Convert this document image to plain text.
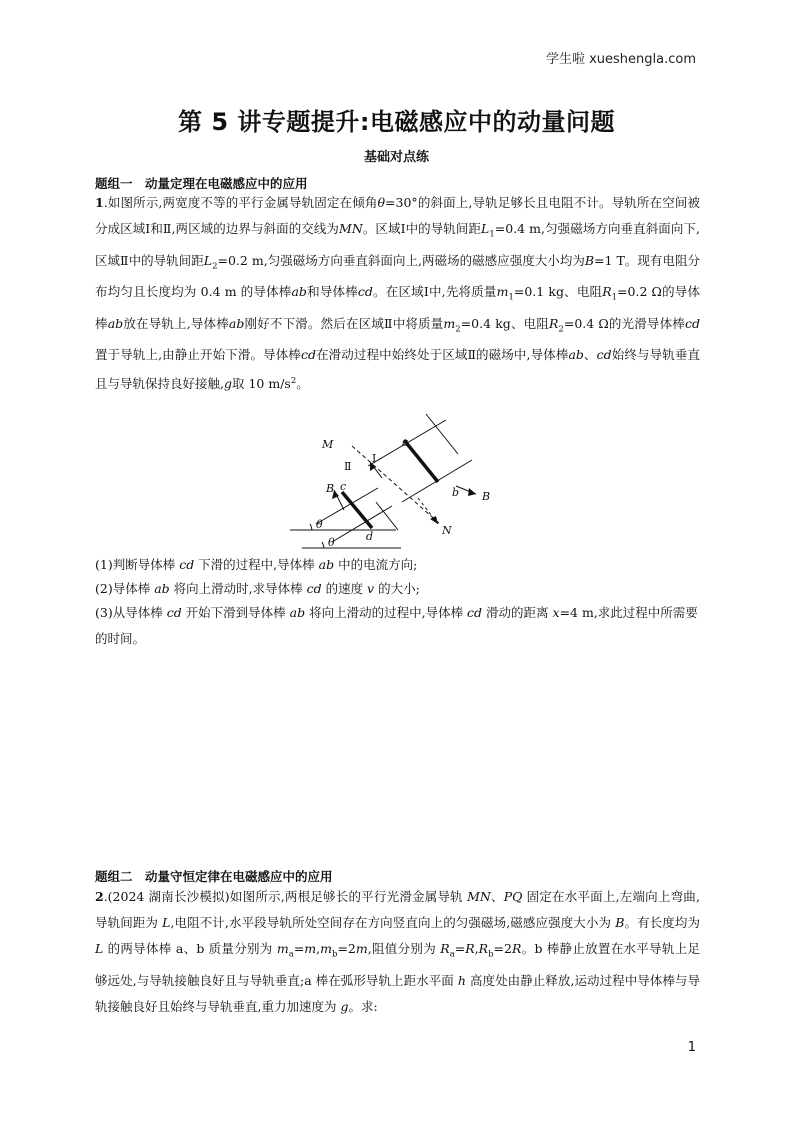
学生啦 xueshengla.com
第 5 讲专题提升:电磁感应中的动量问题
基础对点练
题组一　动量定理在电磁感应中的应用

1.如图所示,两宽度不等的平行金属导轨固定在倾角θ=30°的斜面上,导轨足够长且电阻不计。导轨所在空间被分成区域Ⅰ和Ⅱ,两区域的边界与斜面的交线为MN。区域Ⅰ中的导轨间距$L_1=0.4$ m,匀强磁场方向垂直斜面向下,区域Ⅱ中的导轨间距$L_2=0.2$ m,匀强磁场方向垂直斜面向上,两磁场的磁感应强度大小均为B=1 T。现有电阻分布均匀且长度均为 0.4 m 的导体棒ab和导体棒cd。在区域Ⅰ中,先将质量$m_1=0.1$ kg、电阻$R_1=0.2$ Ω的导体棒ab放在导轨上,导体棒ab刚好不下滑。然后在区域Ⅱ中将质量$m_2=0.4$ kg、电阻$R_2=0.4$ Ω的光滑导体棒cd置于导轨上,由静止开始下滑。导体棒cd在滑动过程中始终处于区域Ⅱ的磁场中,导体棒ab、cd始终与导轨垂直且与导轨保持良好接触,g取 10 $m/s^2$。

M
N
Ⅰ
Ⅱ
a
b
c
d
B
B
θ
θ

(1)判断导体棒 cd 下滑的过程中,导体棒 ab 中的电流方向;

(2)导体棒 ab 将向上滑动时,求导体棒 cd 的速度 v 的大小;

(3)从导体棒 cd 开始下滑到导体棒 ab 将向上滑动的过程中,导体棒 cd 滑动的距离 x=4 m,求此过程中所需要的时间。

题组二　动量守恒定律在电磁感应中的应用

2.(2024 湖南长沙模拟)如图所示,两根足够长的平行光滑金属导轨 MN、PQ 固定在水平面上,左端向上弯曲,导轨间距为 L,电阻不计,水平段导轨所处空间存在方向竖直向上的匀强磁场,磁感应强度大小为 B。有长度均为 L 的两导体棒 a、b 质量分别为 $m_a=m,m_b=2m$,阻值分别为 $R_a=R,R_b=2R$。b 棒静止放置在水平导轨上足够远处,与导轨接触良好且与导轨垂直;a 棒在弧形导轨上距水平面 h 高度处由静止释放,运动过程中导体棒与导轨接触良好且始终与导轨垂直,重力加速度为 g。求:

1
